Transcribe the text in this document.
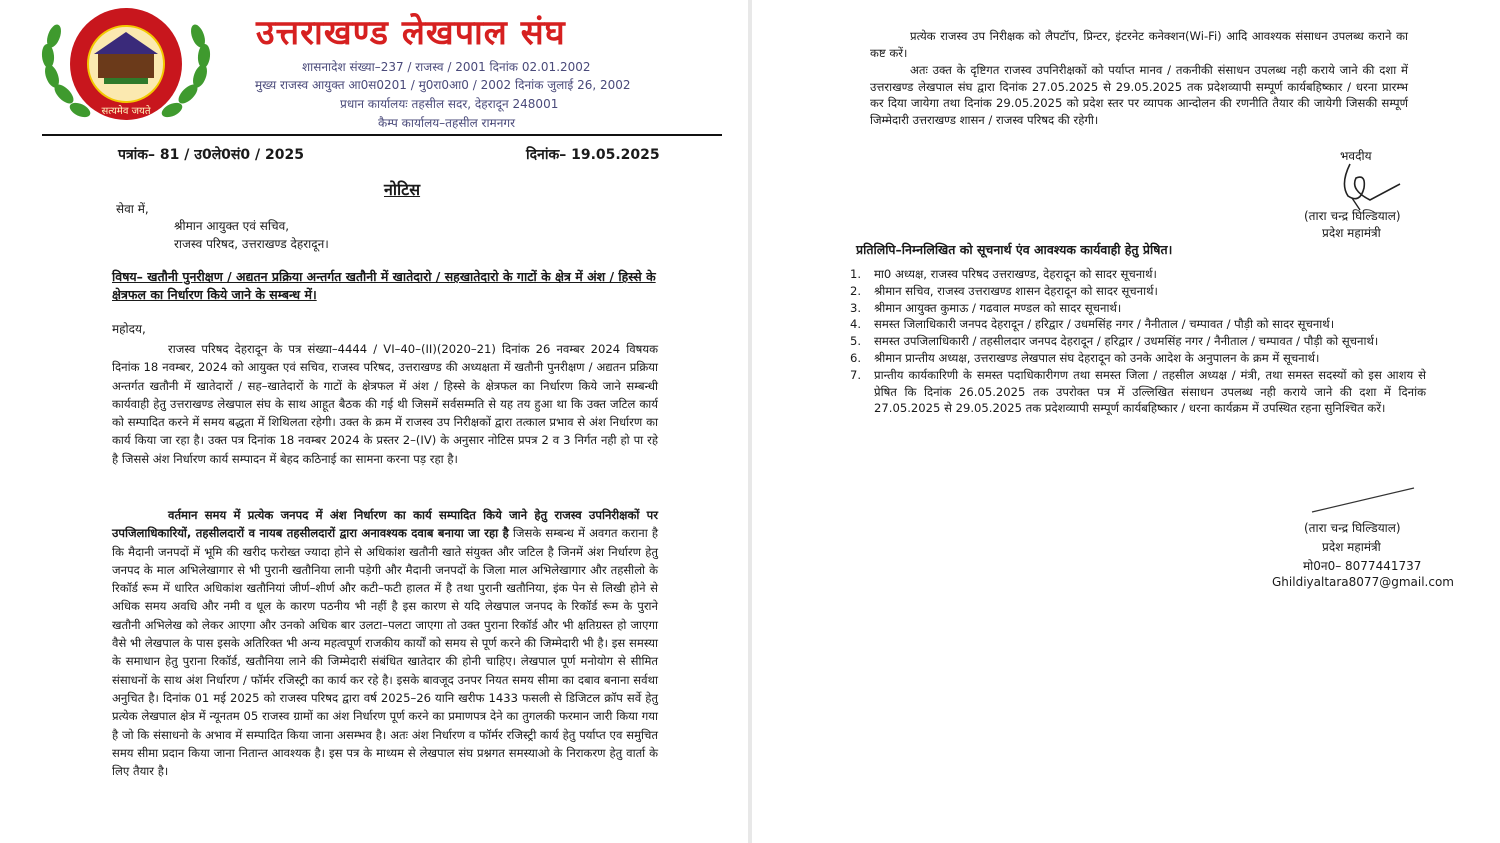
सत्यमेव जयते
उत्तराखण्ड लेखपाल संघ
शासनादेश संख्या–237 / राजस्व / 2001 दिनांक 02.01.2002
मुख्य राजस्व आयुक्त आ0स0201 / मु0रा0आ0 / 2002 दिनांक जुलाई 26, 2002
प्रधान कार्यालयः तहसील सदर, देहरादून 248001
कैम्प कार्यालय–तहसील रामनगर
पत्रांक– 81 / उ0ले0सं0 / 2025	दिनांक– 19.05.2025
नोटिस
सेवा में,
श्रीमान आयुक्त एवं सचिव,
राजस्व परिषद, उत्तराखण्ड देहरादून।
विषय– खतौनी पुनरीक्षण / अद्यतन प्रक्रिया अन्तर्गत खतौनी में खातेदारो / सहखातेदारो के गाटों के क्षेत्र में अंश / हिस्से के क्षेत्रफल का निर्धारण किये जाने के सम्बन्ध में।
महोदय,

राजस्व परिषद देहरादून के पत्र संख्या–4444 / VI–40–(II)(2020–21) दिनांक 26 नवम्बर 2024 विषयक दिनांक 18 नवम्बर, 2024 को आयुक्त एवं सचिव, राजस्व परिषद, उत्तराखण्ड की अध्यक्षता में खतौनी पुनरीक्षण / अद्यतन प्रक्रिया अन्तर्गत खतौनी में खातेदारों / सह–खातेदारों के गाटों के क्षेत्रफल में अंश / हिस्से के क्षेत्रफल का निर्धारण किये जाने सम्बन्धी कार्यवाही हेतु उत्तराखण्ड लेखपाल संघ के साथ आहूत बैठक की गई थी जिसमें सर्वसम्मति से यह तय हुआ था कि उक्त जटिल कार्य को सम्पादित करने में समय बद्धता में शिथिलता रहेगी। उक्त के क्रम में राजस्व उप निरीक्षकों द्वारा तत्काल प्रभाव से अंश निर्धारण का कार्य किया जा रहा है। उक्त पत्र दिनांक 18 नवम्बर 2024 के प्रस्तर 2–(IV) के अनुसार नोटिस प्रपत्र 2 व 3 निर्गत नही हो पा रहे है जिससे अंश निर्धारण कार्य सम्पादन में बेहद कठिनाई का सामना करना पड़ रहा है।

वर्तमान समय में प्रत्येक जनपद में अंश निर्धारण का कार्य सम्पादित किये जाने हेतु राजस्व उपनिरीक्षकों पर उपजिलाधिकारियों, तहसीलदारों व नायब तहसीलदारों द्वारा अनावश्यक दवाब बनाया जा रहा है जिसके सम्बन्ध में अवगत कराना है कि मैदानी जनपदों में भूमि की खरीद फरोख्त ज्यादा होने से अधिकांश खतौनी खाते संयुक्त और जटिल है जिनमें अंश निर्धारण हेतु जनपद के माल अभिलेखागार से भी पुरानी खतौनिया लानी पड़ेगी और मैदानी जनपदों के जिला माल अभिलेखागार और तहसीलो के रिकॉर्ड रूम में धारित अधिकांश खतौनियां जीर्ण–शीर्ण और कटी–फटी हालत में है तथा पुरानी खतौनिया, इंक पेन से लिखी होने से अधिक समय अवधि और नमी व धूल के कारण पठनीय भी नहीं है इस कारण से यदि लेखपाल जनपद के रिकॉर्ड रूम के पुराने खतौनी अभिलेख को लेकर आएगा और उनको अधिक बार उलटा–पलटा जाएगा तो उक्त पुराना रिकॉर्ड और भी क्षतिग्रस्त हो जाएगा वैसे भी लेखपाल के पास इसके अतिरिक्त भी अन्य महत्वपूर्ण राजकीय कार्यों को समय से पूर्ण करने की जिम्मेदारी भी है। इस समस्या के समाधान हेतु पुराना रिकॉर्ड, खतौनिया लाने की जिम्मेदारी संबंधित खातेदार की होनी चाहिए। लेखपाल पूर्ण मनोयोग से सीमित संसाधनों के साथ अंश निर्धारण / फॉर्मर रजिस्ट्री का कार्य कर रहे है। इसके बावजूद उनपर नियत समय सीमा का दबाव बनाना सर्वथा अनुचित है। दिनांक 01 मई 2025 को राजस्व परिषद द्वारा वर्ष 2025–26 यानि खरीफ 1433 फसली से डिजिटल क्रॉप सर्वे हेतु प्रत्येक लेखपाल क्षेत्र में न्यूनतम 05 राजस्व ग्रामों का अंश निर्धारण पूर्ण करने का प्रमाणपत्र देने का तुगलकी फरमान जारी किया गया है जो कि संसाधनो के अभाव में सम्पादित किया जाना असम्भव है। अतः अंश निर्धारण व फॉर्मर रजिस्ट्री कार्य हेतु पर्याप्त एव समुचित समय सीमा प्रदान किया जाना नितान्त आवश्यक है। इस पत्र के माध्यम से लेखपाल संघ प्रश्नगत समस्याओ के निराकरण हेतु वार्ता के लिए तैयार है।

प्रत्येक राजस्व उप निरीक्षक को लैपटॉप, प्रिन्टर, इंटरनेट कनेक्शन(Wi-Fi) आदि आवश्यक संसाधन उपलब्ध कराने का कष्ट करें।

अतः उक्त के दृष्टिगत राजस्व उपनिरीक्षकों को पर्याप्त मानव / तकनीकी संसाधन उपलब्ध नही कराये जाने की दशा में उत्तराखण्ड लेखपाल संघ द्वारा दिनांक 27.05.2025 से 29.05.2025 तक प्रदेशव्यापी सम्पूर्ण कार्यबहिष्कार / धरना प्रारम्भ कर दिया जायेगा तथा दिनांक 29.05.2025 को प्रदेश स्तर पर व्यापक आन्दोलन की रणनीति तैयार की जायेगी जिसकी सम्पूर्ण जिम्मेदारी उत्तराखण्ड शासन / राजस्व परिषद की रहेगी।

भवदीय
(तारा चन्द्र घिल्डियाल)
प्रदेश महामंत्री
प्रतिलिपि–निम्नलिखित को सूचनार्थ एंव आवश्यक कार्यवाही हेतु प्रेषित।
1. मा0 अध्यक्ष, राजस्व परिषद उत्तराखण्ड, देहरादून को सादर सूचनार्थ।
2. श्रीमान सचिव, राजस्व उत्तराखण्ड शासन देहरादून को सादर सूचनार्थ।
3. श्रीमान आयुक्त कुमाऊ / गढवाल मण्डल को सादर सूचनार्थ।
4. समस्त जिलाधिकारी जनपद देहरादून / हरिद्वार / उधमसिंह नगर / नैनीताल / चम्पावत / पौड़ी को सादर सूचनार्थ।
5. समस्त उपजिलाधिकारी / तहसीलदार जनपद देहरादून / हरिद्वार / उधमसिंह नगर / नैनीताल / चम्पावत / पौड़ी को सूचनार्थ।
6. श्रीमान प्रान्तीय अध्यक्ष, उत्तराखण्ड लेखपाल संघ देहरादून को उनके आदेश के अनुपालन के क्रम में सूचनार्थ।
7. प्रान्तीय कार्यकारिणी के समस्त पदाधिकारीगण तथा समस्त जिला / तहसील अध्यक्ष / मंत्री, तथा समस्त सदस्यों को इस आशय से प्रेषित कि दिनांक 26.05.2025 तक उपरोक्त पत्र में उल्लिखित संसाधन उपलब्ध नही कराये जाने की दशा में दिनांक 27.05.2025 से 29.05.2025 तक प्रदेशव्यापी सम्पूर्ण कार्यबहिष्कार / धरना कार्यक्रम में उपस्थित रहना सुनिश्चित करें।
(तारा चन्द्र घिल्डियाल)
प्रदेश महामंत्री
मो0न0– 8077441737
Ghildiyaltara8077@gmail.com
